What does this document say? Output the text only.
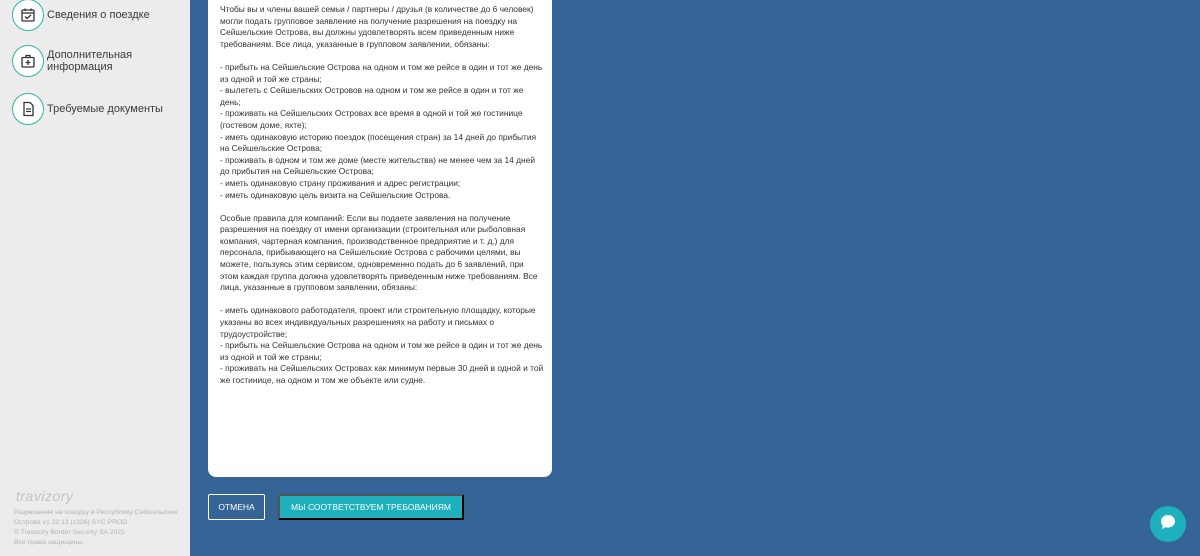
Сведения о поездке
Дополнительная информация
Требуемые документы
travizory
Разрешение на поездку в Республику Сейшельские Острова v1.32.13 (c326) SYC PROD
© Travizory Border Security SA 2021
Все права защищены.

Чтобы вы и члены вашей семьи / партнеры / друзья (в количестве до 6 человек) могли подать групповое заявление на получение разрешения на поездку на Сейшельские Острова, вы должны удовлетворять всем приведенным ниже требованиям. Все лица, указанные в групповом заявлении, обязаны:

- прибыть на Сейшельские Острова на одном и том же рейсе в один и тот же день из одной и той же страны;

- вылететь с Сейшельских Островов на одном и том же рейсе в один и тот же день;

- проживать на Сейшельских Островах все время в одной и той же гостинице (гостевом доме, яхте);

- иметь одинаковую историю поездок (посещения стран) за 14 дней до прибытия на Сейшельские Острова;

- проживать в одном и том же доме (месте жительства) не менее чем за 14 дней до прибытия на Сейшельские Острова;

- иметь одинаковую страну проживания и адрес регистрации;

- иметь одинаковую цель визита на Сейшельские Острова.

Особые правила для компаний: Если вы подаете заявления на получение разрешения на поездку от имени организации (строительная или рыболовная компания, чартерная компания, производственное предприятие и т. д.) для персонала, прибывающего на Сейшельские Острова с рабочими целями, вы можете, пользуясь этим сервисом, одновременно подать до 6 заявлений, при этом каждая группа должна удовлетворять приведенным ниже требованиям. Все лица, указанные в групповом заявлении, обязаны:

- иметь одинакового работодателя, проект или строительную площадку, которые указаны во всех индивидуальных разрешениях на работу и письмах о трудоустройстве;

- прибыть на Сейшельские Острова на одном и том же рейсе в один и тот же день из одной и той же страны;

- проживать на Сейшельских Островах как минимум первые 30 дней в одной и той же гостинице, на одном и том же объекте или судне.

ОТМЕНА	МЫ СООТВЕТСТВУЕМ ТРЕБОВАНИЯМ
